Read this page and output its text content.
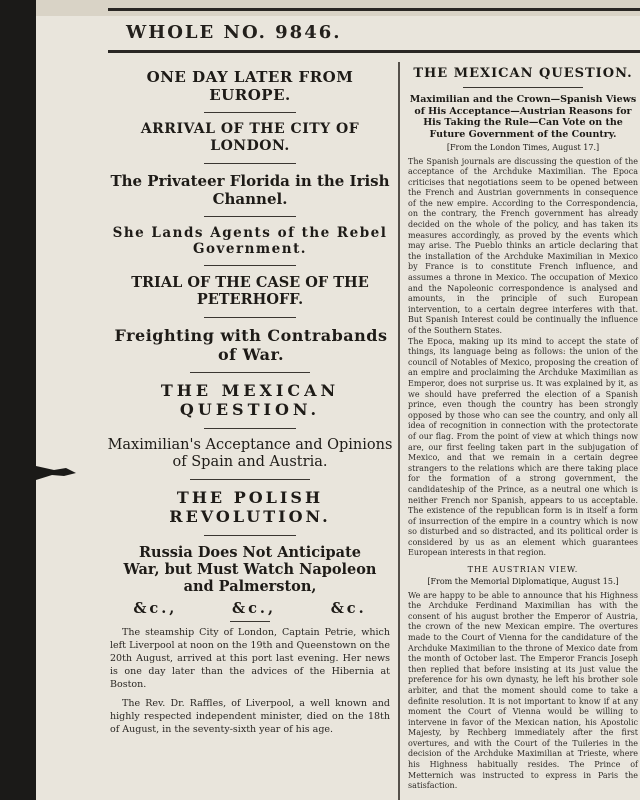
WHOLE NO. 9846.
ONE DAY LATER FROM EUROPE.
ARRIVAL OF THE CITY OF LONDON.
The Privateer Florida in the Irish Channel.
She Lands Agents of the Rebel Government.
TRIAL OF THE CASE OF THE PETERHOFF.
Freighting with Contrabands of War.
THE MEXICAN QUESTION.
Maximilian's Acceptance and Opinions of Spain and Austria.
THE POLISH REVOLUTION.
Russia Does Not Anticipate War, but Must Watch Napoleon and Palmerston,
&c.,	&c.,	&c.

The steamship City of London, Captain Petrie, which left Liverpool at noon on the 19th and Queenstown on the 20th August, arrived at this port last evening. Her news is one day later than the advices of the Hibernia at Boston.

The Rev. Dr. Raffles, of Liverpool, a well known and highly respected independent minister, died on the 18th of August, in the seventy-sixth year of his age.

THE MEXICAN QUESTION.
Maximilian and the Crown—Spanish Views of His Acceptance—Austrian Reasons for His Taking the Rule—Can Vote on the Future Government of the Country.
[From the London Times, August 17.]

The Spanish journals are discussing the question of the acceptance of the Archduke Maximilian. The Epoca criticises that negotiations seem to be opened between the French and Austrian governments in consequence of the new empire. According to the Correspondencia, on the contrary, the French government has already decided on the whole of the policy, and has taken its measures accordingly, as proved by the events which may arise. The Pueblo thinks an article declaring that the installation of the Archduke Maximilian in Mexico by France is to constitute French influence, and assumes a throne in Mexico. The occupation of Mexico and the Napoleonic correspondence is analysed and amounts, in the principle of such European intervention, to a certain degree interferes with that. But Spanish Interest could be continually the influence of the Southern States.

The Epoca, making up its mind to accept the state of things, its language being as follows: the union of the council of Notables of Mexico, proposing the creation of an empire and proclaiming the Archduke Maximilian as Emperor, does not surprise us. It was explained by it, as we should have preferred the election of a Spanish prince, even though the country has been strongly opposed by those who can see the country, and only all idea of recognition in connection with the protectorate of our flag. From the point of view at which things now are, our first feeling taken part in the subjugation of Mexico, and that we remain in a certain degree strangers to the relations which are there taking place for the formation of a strong government, the candidateship of the Prince, as a neutral one which is neither French nor Spanish, appears to us acceptable. The existence of the republican form is in itself a form of insurrection of the empire in a country which is now so disturbed and so distracted, and its political order is considered by us as an element which guarantees European interests in that region.

THE AUSTRIAN VIEW.
[From the Memorial Diplomatique, August 15.]

We are happy to be able to announce that his Highness the Archduke Ferdinand Maximilian has with the consent of his august brother the Emperor of Austria, the crown of the new Mexican empire. The overtures made to the Court of Vienna for the candidature of the Archduke Maximilian to the throne of Mexico date from the month of October last. The Emperor Francis Joseph then replied that before insisting at its just value the preference for his own dynasty, he left his brother sole arbiter, and that the moment should come to take a definite resolution. It is not important to know if at any moment the Court of Vienna would be willing to intervene in favor of the Mexican nation, his Apostolic Majesty, by Rechberg immediately after the first overtures, and with the Court of the Tuileries in the decision of the Archduke Maximilian at Trieste, where his Highness habitually resides. The Prince of Metternich was instructed to express in Paris the satisfaction.
